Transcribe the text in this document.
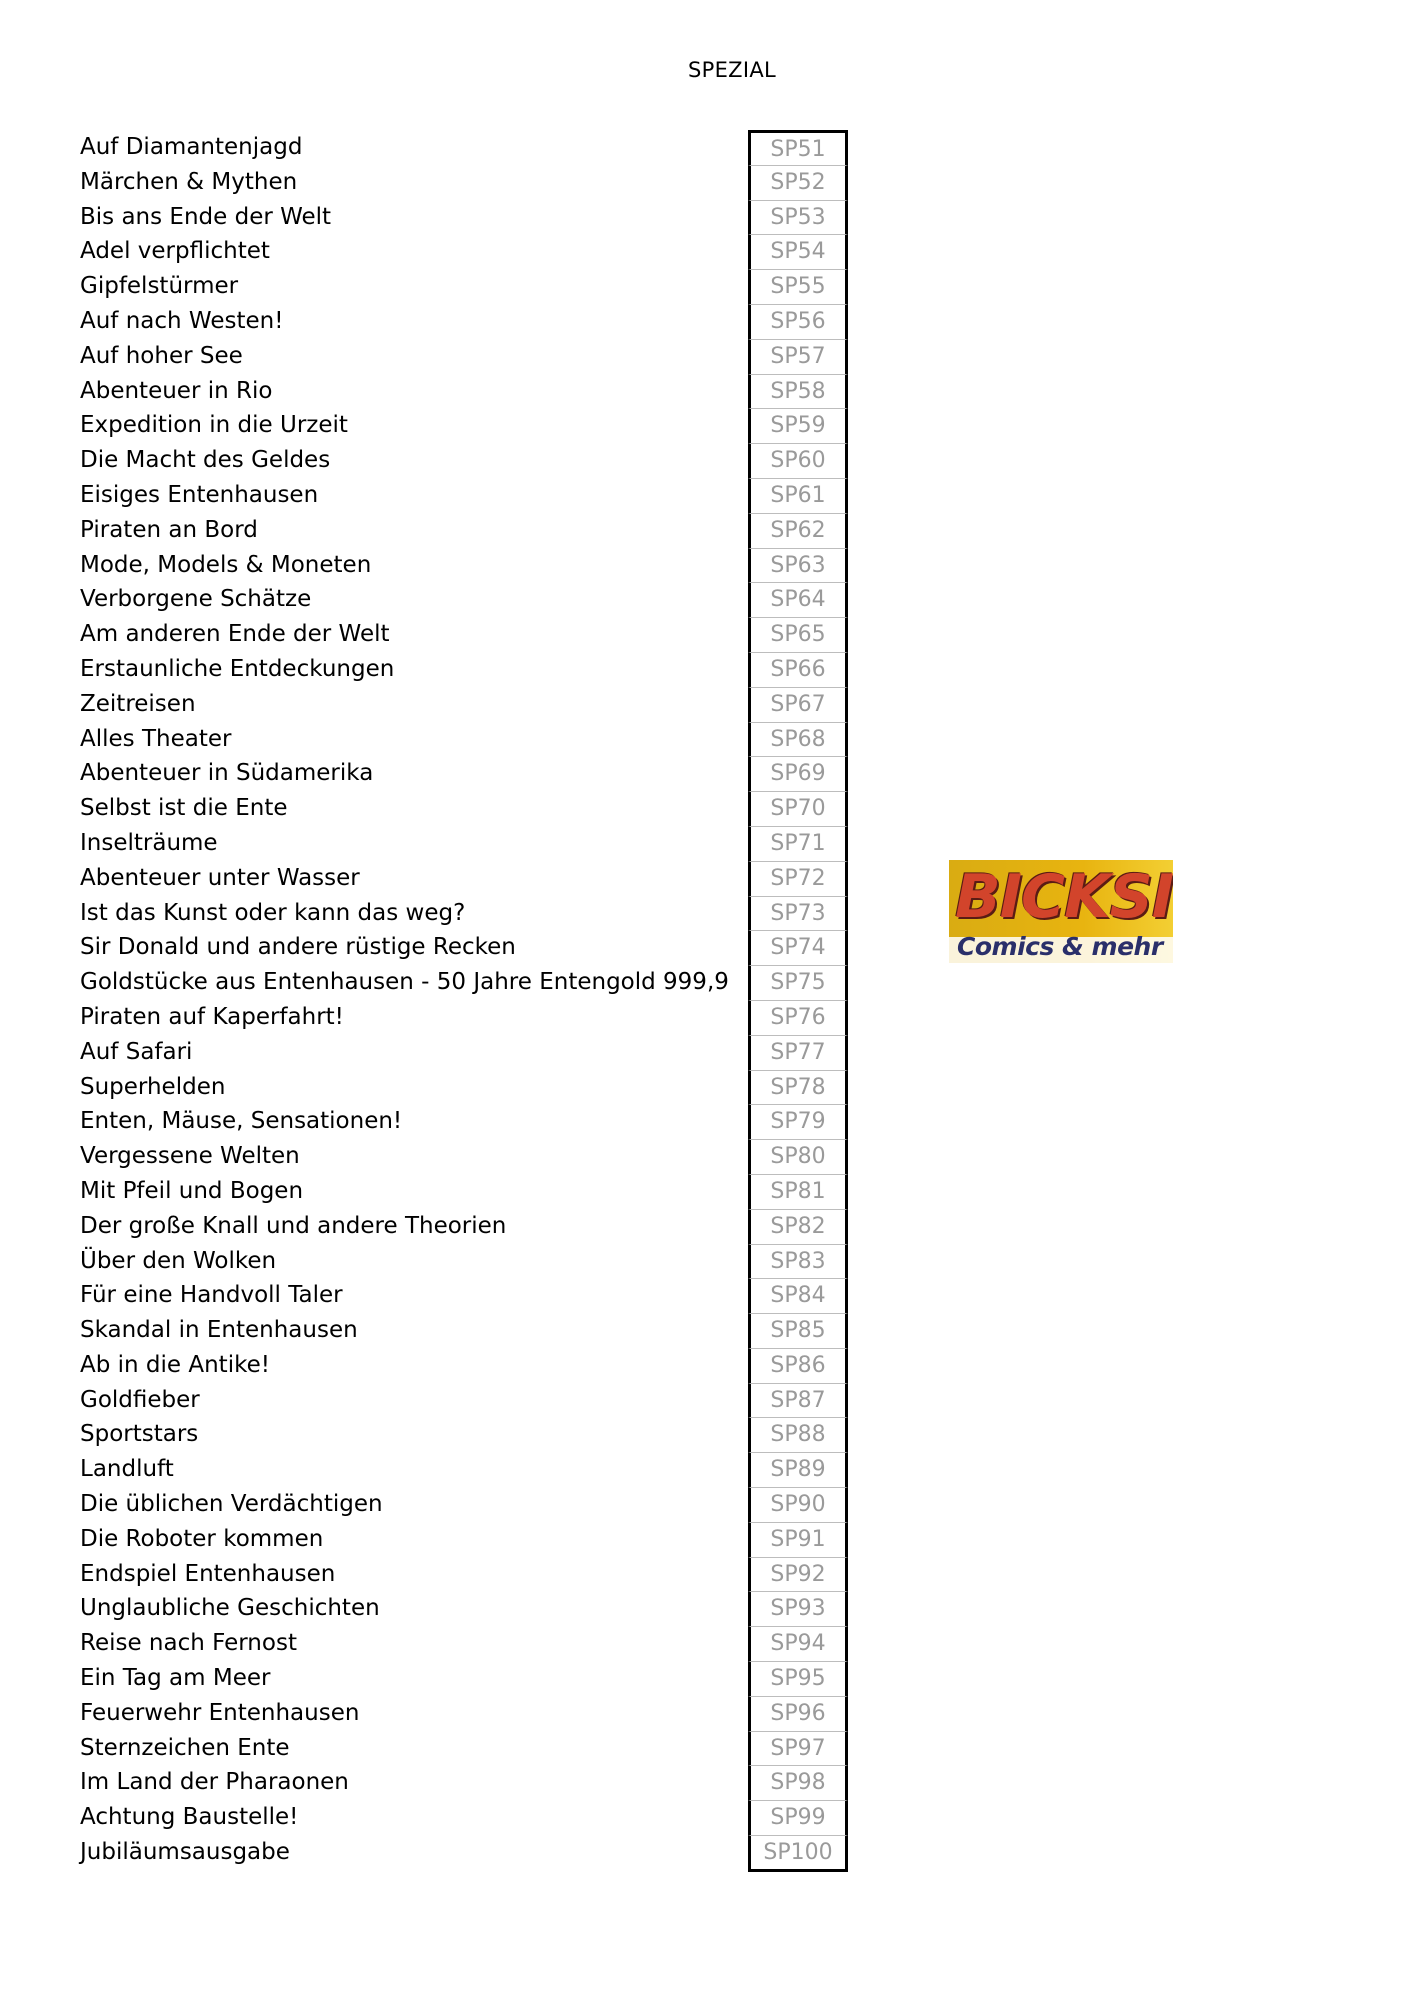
SPEZIAL
Auf Diamantenjagd	SP51
Märchen & Mythen	SP52
Bis ans Ende der Welt	SP53
Adel verpflichtet	SP54
Gipfelstürmer	SP55
Auf nach Westen!	SP56
Auf hoher See	SP57
Abenteuer in Rio	SP58
Expedition in die Urzeit	SP59
Die Macht des Geldes	SP60
Eisiges Entenhausen	SP61
Piraten an Bord	SP62
Mode, Models & Moneten	SP63
Verborgene Schätze	SP64
Am anderen Ende der Welt	SP65
Erstaunliche Entdeckungen	SP66
Zeitreisen	SP67
Alles Theater	SP68
Abenteuer in Südamerika	SP69
Selbst ist die Ente	SP70
Inselträume	SP71
Abenteuer unter Wasser	SP72
Ist das Kunst oder kann das weg?	SP73
Sir Donald und andere rüstige Recken	SP74
Goldstücke aus Entenhausen - 50 Jahre Entengold 999,9	SP75
Piraten auf Kaperfahrt!	SP76
Auf Safari	SP77
Superhelden	SP78
Enten, Mäuse, Sensationen!	SP79
Vergessene Welten	SP80
Mit Pfeil und Bogen	SP81
Der große Knall und andere Theorien	SP82
Über den Wolken	SP83
Für eine Handvoll Taler	SP84
Skandal in Entenhausen	SP85
Ab in die Antike!	SP86
Goldfieber	SP87
Sportstars	SP88
Landluft	SP89
Die üblichen Verdächtigen	SP90
Die Roboter kommen	SP91
Endspiel Entenhausen	SP92
Unglaubliche Geschichten	SP93
Reise nach Fernost	SP94
Ein Tag am Meer	SP95
Feuerwehr Entenhausen	SP96
Sternzeichen Ente	SP97
Im Land der Pharaonen	SP98
Achtung Baustelle!	SP99
Jubiläumsausgabe	SP100
BICKSI
Comics & mehr
